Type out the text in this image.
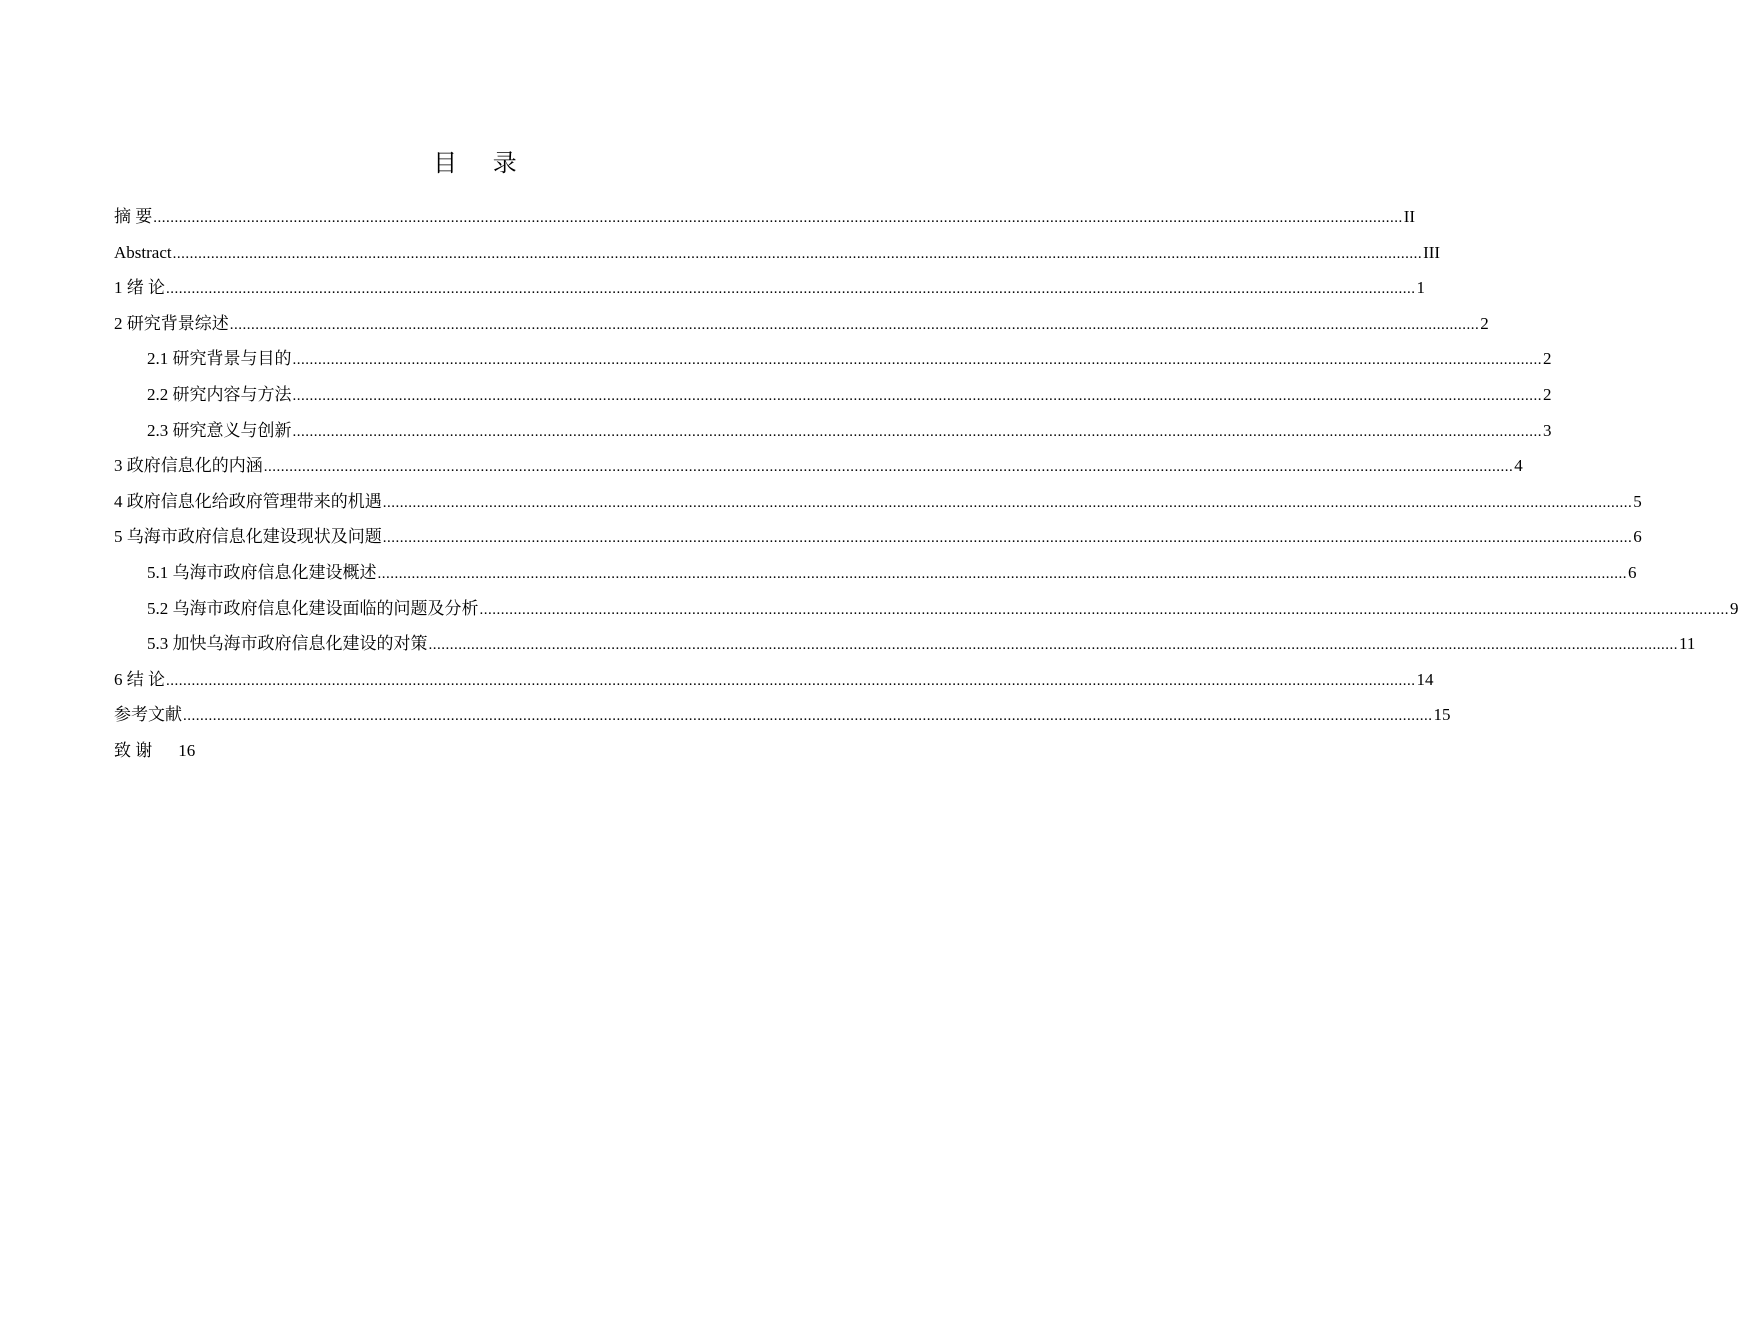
目 录
摘 要 ...................................................................................................................................................................................................................................................................................................... II
Abstract ...................................................................................................................................................................................................................................................................................................... III
1 绪 论 ...................................................................................................................................................................................................................................................................................................... 1
2 研究背景综述 ...................................................................................................................................................................................................................................................................................................... 2
2.1 研究背景与目的 ...................................................................................................................................................................................................................................................................................................... 2
2.2 研究内容与方法 ...................................................................................................................................................................................................................................................................................................... 2
2.3 研究意义与创新 ...................................................................................................................................................................................................................................................................................................... 3
3 政府信息化的内涵 ...................................................................................................................................................................................................................................................................................................... 4
4 政府信息化给政府管理带来的机遇 ...................................................................................................................................................................................................................................................................................................... 5
5 乌海市政府信息化建设现状及问题 ...................................................................................................................................................................................................................................................................................................... 6
5.1 乌海市政府信息化建设概述 ...................................................................................................................................................................................................................................................................................................... 6
5.2 乌海市政府信息化建设面临的问题及分析 ...................................................................................................................................................................................................................................................................................................... 9
5.3 加快乌海市政府信息化建设的对策 ...................................................................................................................................................................................................................................................................................................... 11
6 结 论 ...................................................................................................................................................................................................................................................................................................... 14
参考文献 ...................................................................................................................................................................................................................................................................................................... 15
致 谢 16
